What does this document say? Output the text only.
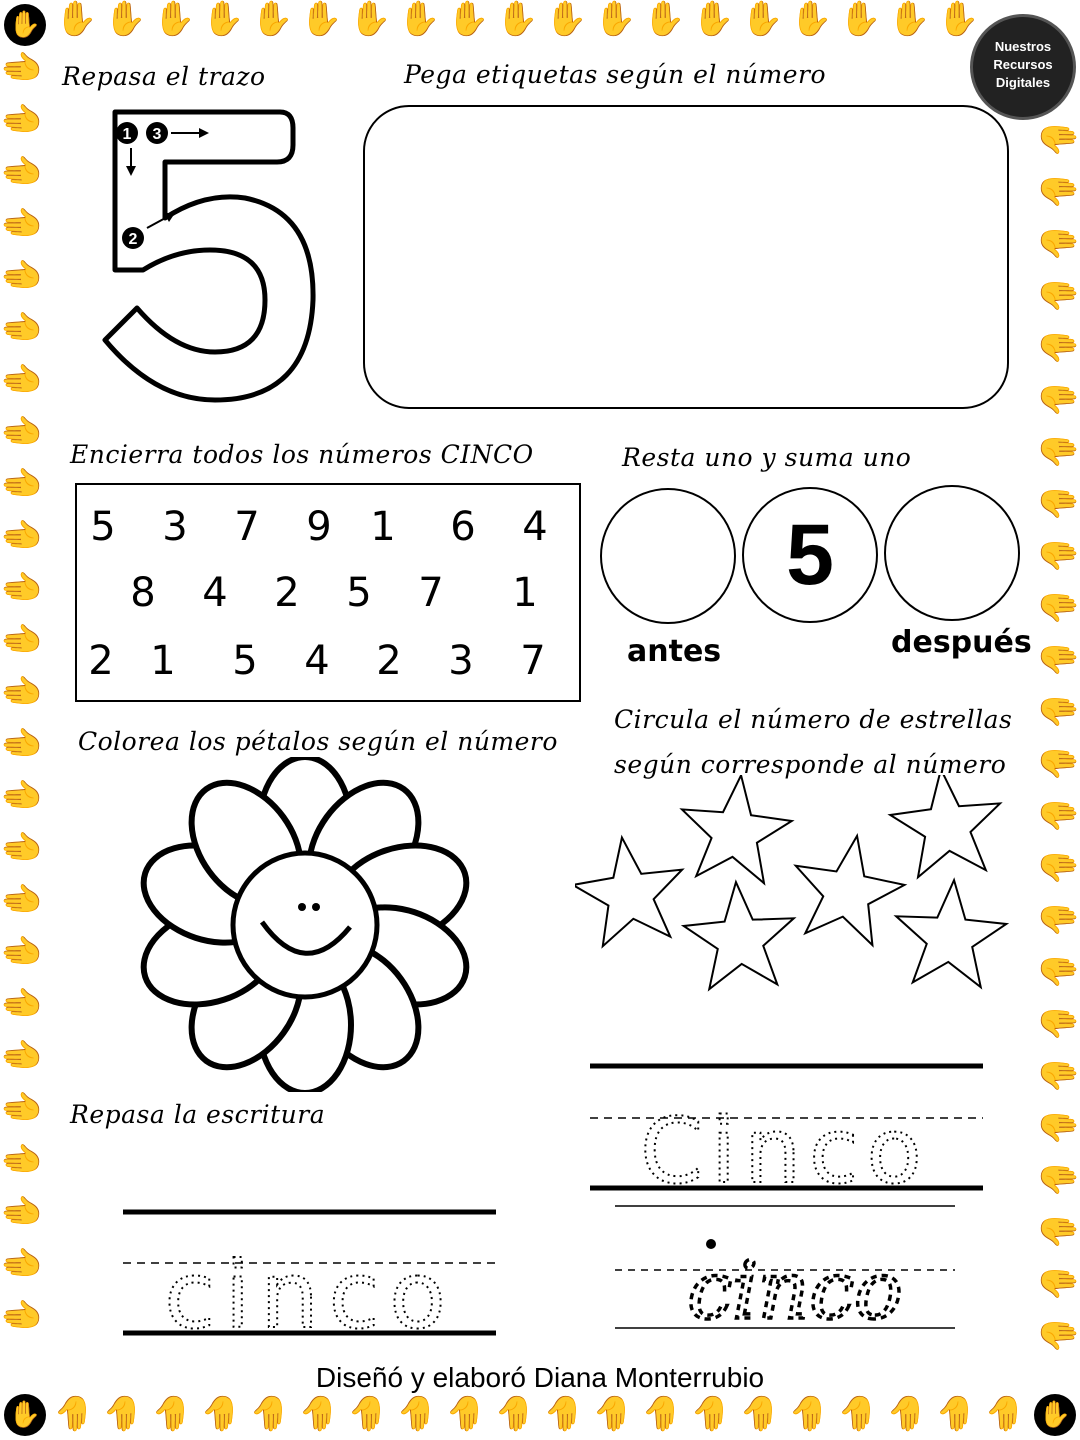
✋ ✋ ✋ ✋ ✋ ✋ ✋ ✋ ✋ ✋ ✋ ✋ ✋ ✋ ✋ ✋ ✋ ✋ ✋
✋ ✋ ✋ ✋ ✋ ✋ ✋ ✋ ✋ ✋ ✋ ✋ ✋ ✋ ✋ ✋ ✋ ✋ ✋ ✋
✋
✋
✋
✋
✋
✋
✋
✋
✋
✋
✋
✋
✋
✋
✋
✋
✋
✋
✋
✋
✋
✋
✋
✋
✋
✋
✋
✋
✋
✋
✋
✋
✋
✋
✋
✋
✋
✋
✋
✋
✋
✋
✋
✋
✋
✋
✋
✋
✋
✋
✋
✋
Nuestros
Recursos
Digitales
Repasa el trazo
1 3
2
Pega etiquetas según el número
Encierra todos los números CINCO
5 3 7 9 1 6 4
8 4 2 5 7 1
2 1 5 4 2 3 7
Resta uno y suma uno
5
antes	después
Colorea los pétalos según el número
Circula el número de estrellas
según corresponde al número
Repasa la escritura
cinco
Cinco
cinco
Diseñó y elaboró Diana Monterrubio
